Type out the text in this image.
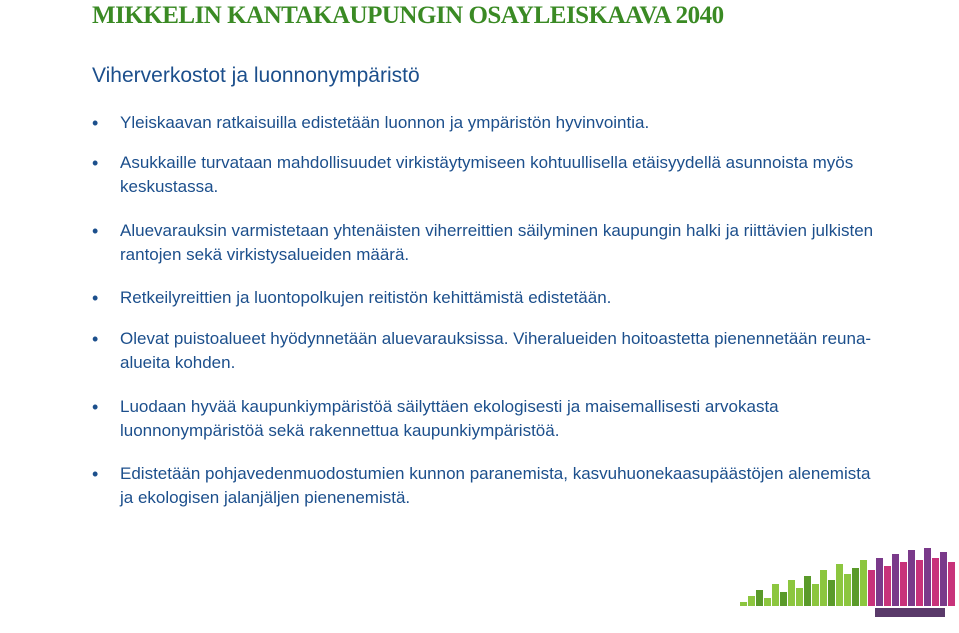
MIKKELIN KANTAKAUPUNGIN OSAYLEISKAAVA 2040
Viherverkostot ja luonnonympäristö
• Yleiskaavan ratkaisuilla edistetään luonnon ja ympäristön hyvinvointia.
• Asukkaille turvataan mahdollisuudet virkistäytymiseen kohtuullisella etäisyydellä asunnoista myös keskustassa.
• Aluevarauksin varmistetaan yhtenäisten viherreittien säilyminen kaupungin halki ja riittävien julkisten rantojen sekä virkistysalueiden määrä.
• Retkeilyreittien ja luontopolkujen reitistön kehittämistä edistetään.
• Olevat puistoalueet hyödynnetään aluevarauksissa. Viheralueiden hoitoastetta pienennetään reuna-alueita kohden.
• Luodaan hyvää kaupunkiympäristöä säilyttäen ekologisesti ja maisemallisesti arvokasta luonnonympäristöä sekä rakennettua kaupunkiympäristöä.
• Edistetään pohjavedenmuodostumien kunnon paranemista, kasvuhuonekaasupäästöjen alenemista ja ekologisen jalanjäljen pienenemistä.
